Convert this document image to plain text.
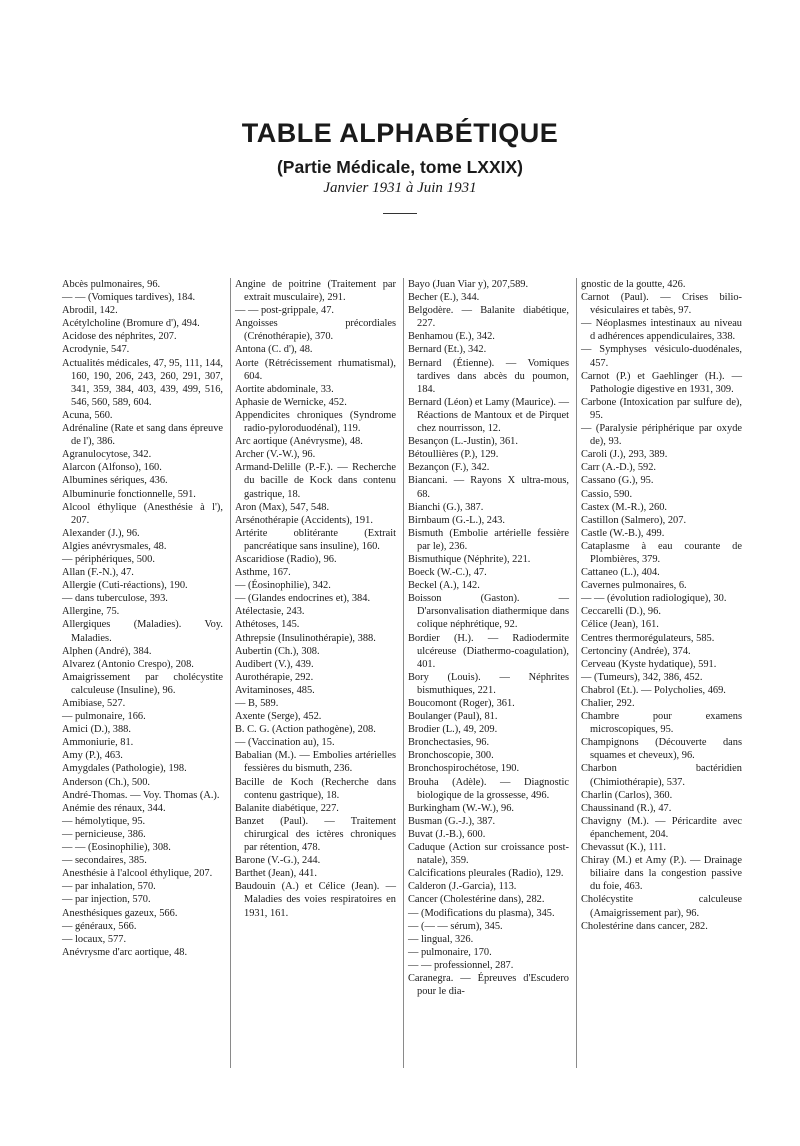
TABLE ALPHABÉTIQUE
(Partie Médicale, tome LXXIX)
Janvier 1931 à Juin 1931

Abcès pulmonaires, 96.

— — (Vomiques tardives), 184.

Abrodil, 142.

Acétylcholine (Bromure d'), 494.

Acidose des néphrites, 207.

Acrodynie, 547.

Actualités médicales, 47, 95, 111, 144, 160, 190, 206, 243, 260, 291, 307, 341, 359, 384, 403, 439, 499, 516, 546, 560, 589, 604.

Acuna, 560.

Adrénaline (Rate et sang dans épreuve de l'), 386.

Agranulocytose, 342.

Alarcon (Alfonso), 160.

Albumines sériques, 436.

Albuminurie fonctionnelle, 591.

Alcool éthylique (Anesthésie à l'), 207.

Alexander (J.), 96.

Algies anévrysmales, 48.

— périphériques, 500.

Allan (F.-N.), 47.

Allergie (Cuti-réactions), 190.

— dans tuberculose, 393.

Allergine, 75.

Allergiques (Maladies). Voy. Maladies.

Alphen (André), 384.

Alvarez (Antonio Crespo), 208.

Amaigrissement par cholécystite calculeuse (Insuline), 96.

Amibiase, 527.

— pulmonaire, 166.

Amici (D.), 388.

Ammoniurie, 81.

Amy (P.), 463.

Amygdales (Pathologie), 198.

Anderson (Ch.), 500.

André-Thomas. — Voy. Thomas (A.).

Anémie des rénaux, 344.

— hémolytique, 95.

— pernicieuse, 386.

— — (Eosinophilie), 308.

— secondaires, 385.

Anesthésie à l'alcool éthylique, 207.

— par inhalation, 570.

— par injection, 570.

Anesthésiques gazeux, 566.

— généraux, 566.

— locaux, 577.

Anévrysme d'arc aortique, 48.

Angine de poitrine (Traitement par extrait musculaire), 291.

— — post-grippale, 47.

Angoisses précordiales (Crénothérapie), 370.

Antona (C. d'), 48.

Aorte (Rétrécissement rhumatismal), 604.

Aortite abdominale, 33.

Aphasie de Wernicke, 452.

Appendicites chroniques (Syndrome radio-pyloroduodénal), 119.

Arc aortique (Anévrysme), 48.

Archer (V.-W.), 96.

Armand-Delille (P.-F.). — Recherche du bacille de Kock dans contenu gastrique, 18.

Aron (Max), 547, 548.

Arsénothérapie (Accidents), 191.

Artérite oblitérante (Extrait pancréatique sans insuline), 160.

Ascaridiose (Radio), 96.

Asthme, 167.

— (Éosinophilie), 342.

— (Glandes endocrines et), 384.

Atélectasie, 243.

Athétoses, 145.

Athrepsie (Insulinothérapie), 388.

Aubertin (Ch.), 308.

Audibert (V.), 439.

Aurothérapie, 292.

Avitaminoses, 485.

— B, 589.

Axente (Serge), 452.

B. C. G. (Action pathogène), 208.

— (Vaccination au), 15.

Babalian (M.). — Embolies artérielles fessières du bismuth, 236.

Bacille de Koch (Recherche dans contenu gastrique), 18.

Balanite diabétique, 227.

Banzet (Paul). — Traitement chirurgical des ictères chroniques par rétention, 478.

Barone (V.-G.), 244.

Barthet (Jean), 441.

Baudouin (A.) et Célice (Jean). — Maladies des voies respiratoires en 1931, 161.

Bayo (Juan Viar y), 207,589.

Becher (E.), 344.

Belgodère. — Balanite diabétique, 227.

Benhamou (E.), 342.

Bernard (Et.), 342.

Bernard (Étienne). — Vomiques tardives dans abcès du poumon, 184.

Bernard (Léon) et Lamy (Maurice). — Réactions de Mantoux et de Pirquet chez nourrisson, 12.

Besançon (L.-Justin), 361.

Bétoullières (P.), 129.

Bezançon (F.), 342.

Biancani. — Rayons X ultra-mous, 68.

Bianchi (G.), 387.

Birnbaum (G.-L.), 243.

Bismuth (Embolie artérielle fessière par le), 236.

Bismuthique (Néphrite), 221.

Boeck (W.-C.), 47.

Beckel (A.), 142.

Boisson (Gaston). — D'arsonvalisation diathermique dans colique néphrétique, 92.

Bordier (H.). — Radiodermite ulcéreuse (Diathermo-coagulation), 401.

Bory (Louis). — Néphrites bismuthiques, 221.

Boucomont (Roger), 361.

Boulanger (Paul), 81.

Brodier (L.), 49, 209.

Bronchectasies, 96.

Bronchoscopie, 300.

Bronchospirochétose, 190.

Brouha (Adèle). — Diagnostic biologique de la grossesse, 496.

Burkingham (W.-W.), 96.

Busman (G.-J.), 387.

Buvat (J.-B.), 600.

Caduque (Action sur croissance post-natale), 359.

Calcifications pleurales (Radio), 129.

Calderon (J.-Garcia), 113.

Cancer (Cholestérine dans), 282.

— (Modifications du plasma), 345.

— (— — sérum), 345.

— lingual, 326.

— pulmonaire, 170.

— — professionnel, 287.

Caranegra. — Épreuves d'Escudero pour le dia-

gnostic de la goutte, 426.

Carnot (Paul). — Crises bilio-vésiculaires et tabès, 97.

— Néoplasmes intestinaux au niveau d adhérences appendiculaires, 338.

— Symphyses vésiculo-duodénales, 457.

Carnot (P.) et Gaehlinger (H.). — Pathologie digestive en 1931, 309.

Carbone (Intoxication par sulfure de), 95.

— (Paralysie périphérique par oxyde de), 93.

Caroli (J.), 293, 389.

Carr (A.-D.), 592.

Cassano (G.), 95.

Cassio, 590.

Castex (M.-R.), 260.

Castillon (Salmero), 207.

Castle (W.-B.), 499.

Cataplasme à eau courante de Plombières, 379.

Cattaneo (L.), 404.

Cavernes pulmonaires, 6.

— — (évolution radiologique), 30.

Ceccarelli (D.), 96.

Célice (Jean), 161.

Centres thermorégulateurs, 585.

Certonciny (Andrée), 374.

Cerveau (Kyste hydatique), 591.

— (Tumeurs), 342, 386, 452.

Chabrol (Et.). — Polycholies, 469.

Chalier, 292.

Chambre pour examens microscopiques, 95.

Champignons (Découverte dans squames et cheveux), 96.

Charbon bactéridien (Chimiothérapie), 537.

Charlin (Carlos), 360.

Chaussinand (R.), 47.

Chavigny (M.). — Péricardite avec épanchement, 204.

Chevassut (K.), 111.

Chiray (M.) et Amy (P.). — Drainage biliaire dans la congestion passive du foie, 463.

Cholécystite calculeuse (Amaigrissement par), 96.

Cholestérine dans cancer, 282.
